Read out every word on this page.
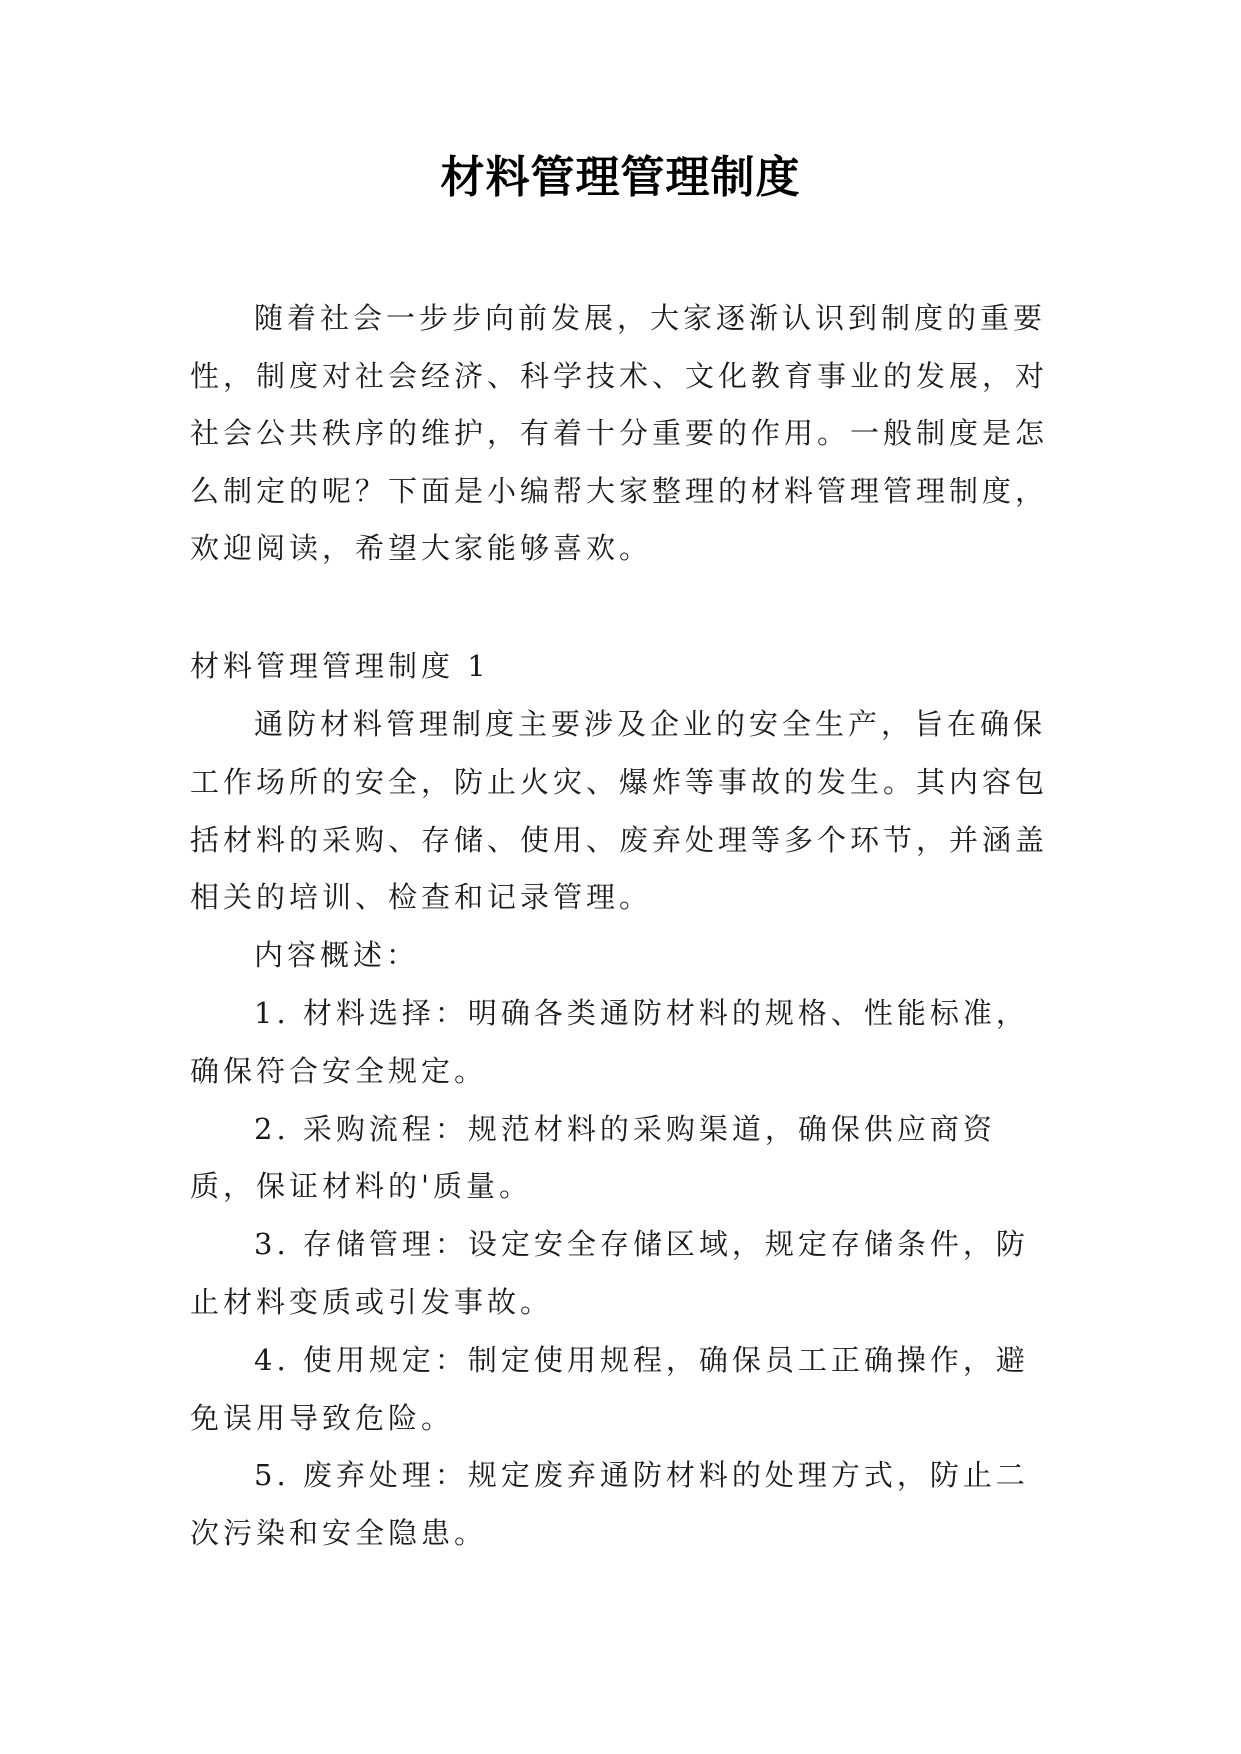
材料管理管理制度

随着社会一步步向前发展，大家逐渐认识到制度的重要性，制度对社会经济、科学技术、文化教育事业的发展，对社会公共秩序的维护，有着十分重要的作用。一般制度是怎么制定的呢？下面是小编帮大家整理的材料管理管理制度，欢迎阅读，希望大家能够喜欢。

材料管理管理制度 1

通防材料管理制度主要涉及企业的安全生产，旨在确保工作场所的安全，防止火灾、爆炸等事故的发生。其内容包括材料的采购、存储、使用、废弃处理等多个环节，并涵盖相关的培训、检查和记录管理。

内容概述：

1. 材料选择：明确各类通防材料的规格、性能标准，确保符合安全规定。

2. 采购流程：规范材料的采购渠道，确保供应商资质，保证材料的'质量。

3. 存储管理：设定安全存储区域，规定存储条件，防止材料变质或引发事故。

4. 使用规定：制定使用规程，确保员工正确操作，避免误用导致危险。

5. 废弃处理：规定废弃通防材料的处理方式，防止二次污染和安全隐患。
